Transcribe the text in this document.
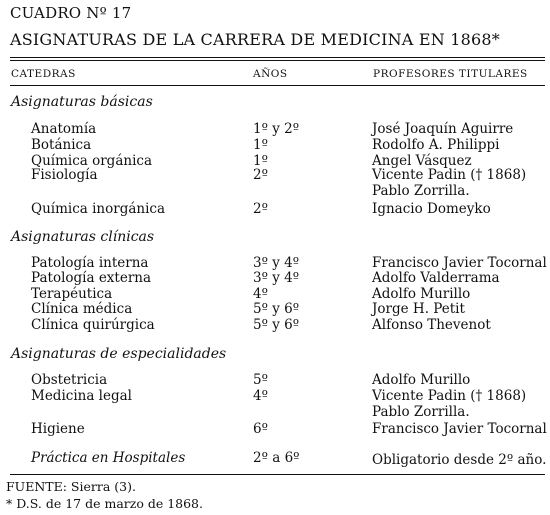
CUADRO Nº 17
ASIGNATURAS DE LA CARRERA DE MEDICINA EN 1868*
CATEDRAS	AÑOS	PROFESORES TITULARES
Asignaturas básicas
Anatomía	1º y 2º	José Joaquín Aguirre
Botánica	1º	Rodolfo A. Philippi
Química orgánica	1º	Angel Vásquez
Fisiología	2º	Vicente Padin († 1868)
Pablo Zorrilla.
Química inorgánica	2º	Ignacio Domeyko
Asignaturas clínicas
Patología interna	3º y 4º	Francisco Javier Tocornal
Patología externa	3º y 4º	Adolfo Valderrama
Terapéutica	4º	Adolfo Murillo
Clínica médica	5º y 6º	Jorge H. Petit
Clínica quirúrgica	5º y 6º	Alfonso Thevenot
Asignaturas de especialidades
Obstetricia	5º	Adolfo Murillo
Medicina legal	4º	Vicente Padin († 1868)
Pablo Zorrilla.
Higiene	6º	Francisco Javier Tocornal
Práctica en Hospitales	2º a 6º	Obligatorio desde 2º año.
FUENTE: Sierra (3).
* D.S. de 17 de marzo de 1868.
